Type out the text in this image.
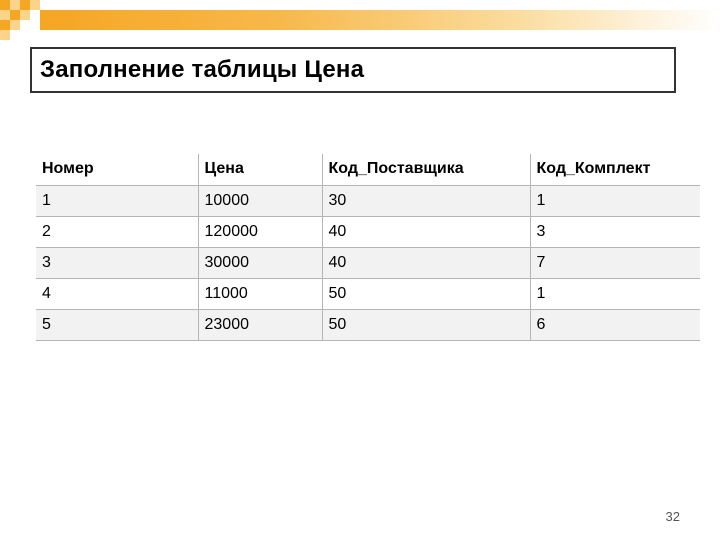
Заполнение таблицы Цена
Номер	Цена	Код_Поставщика	Код_Комплект
1	10000	30	1
2	120000	40	3
3	30000	40	7
4	11000	50	1
5	23000	50	6
32
